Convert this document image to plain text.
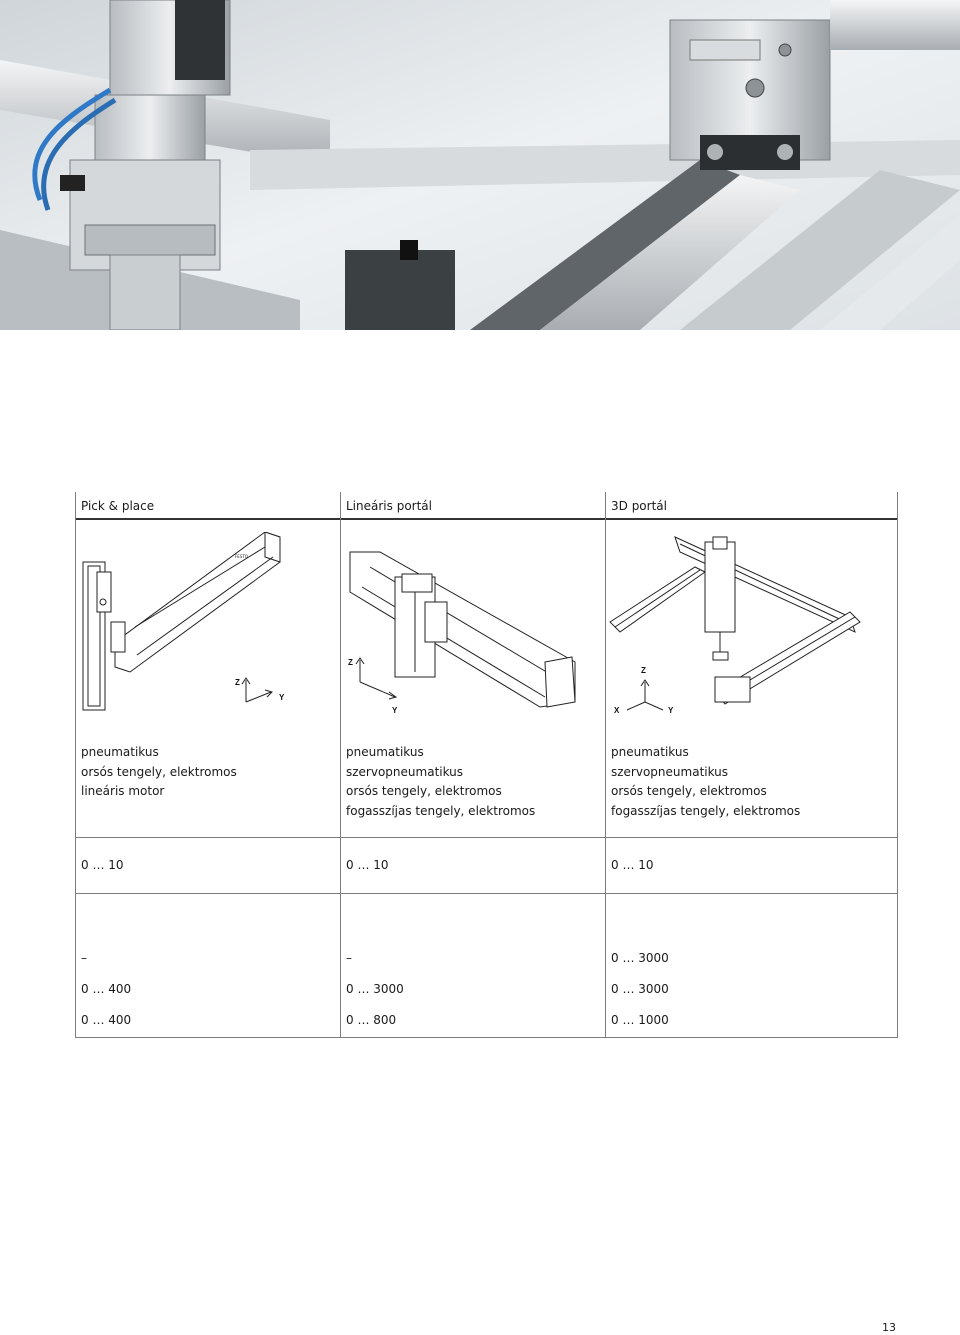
Pick & place
FESTO
Z
Y
pneumatikus
orsós tengely, elektromos
lineáris motor
0 … 10
–
0 … 400
0 … 400
Lineáris portál
Z
Y
pneumatikus
szervopneumatikus
orsós tengely, elektromos
fogasszíjas tengely, elektromos
0 … 10
–
0 … 3000
0 … 800
3D portál
Z
X	Y
pneumatikus
szervopneumatikus
orsós tengely, elektromos
fogasszíjas tengely, elektromos
0 … 10
0 … 3000
0 … 3000
0 … 1000
13
